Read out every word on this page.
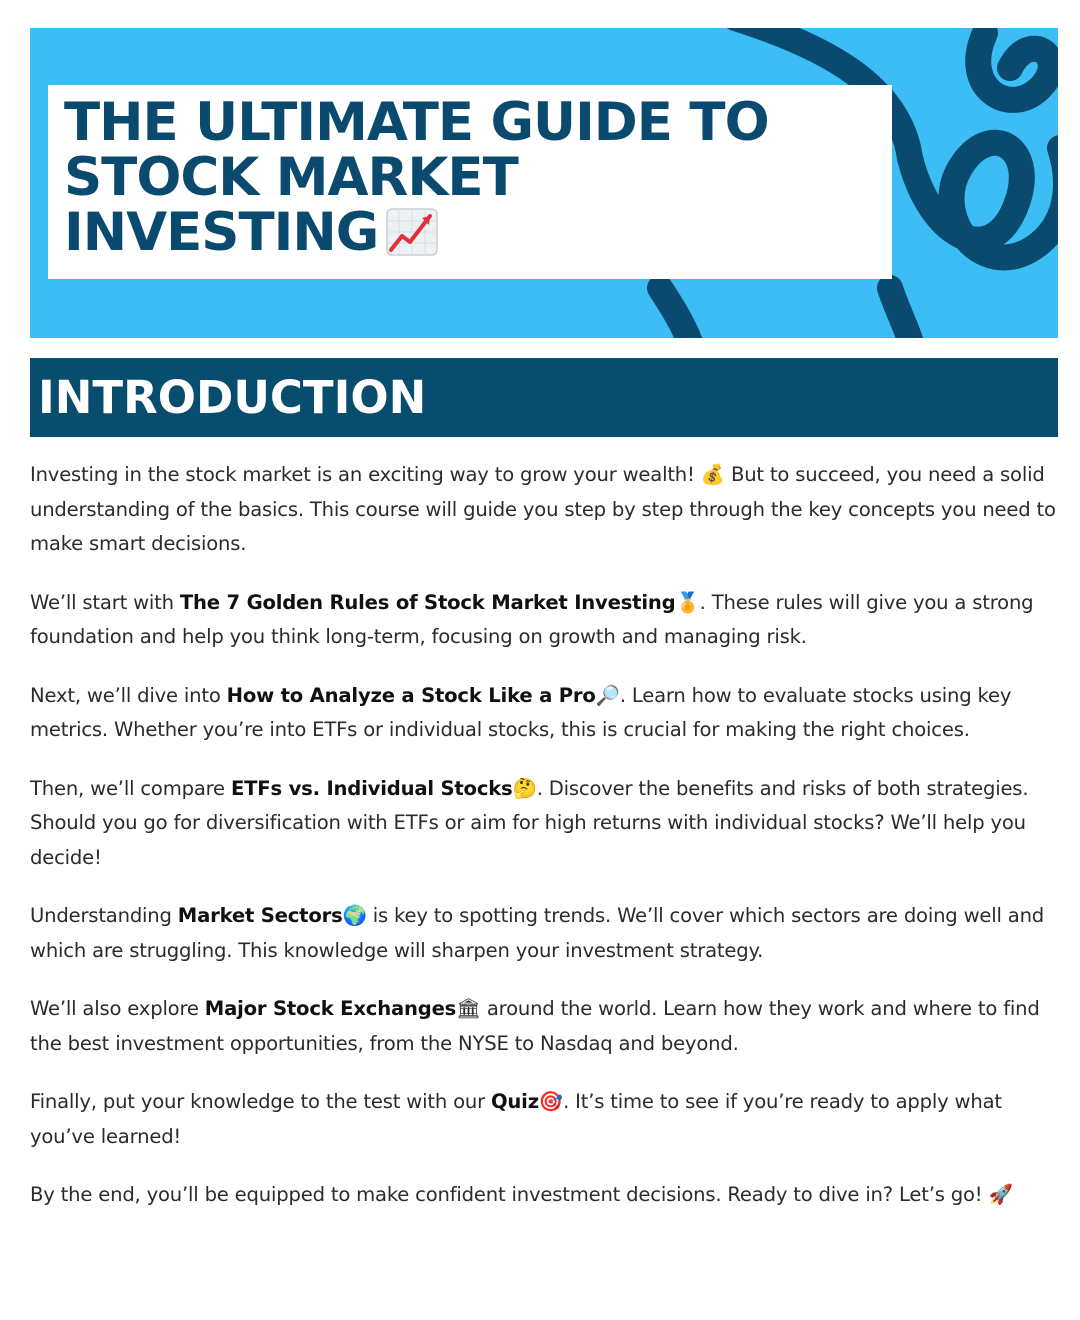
THE ULTIMATE GUIDE TO
STOCK MARKET
INVESTING
INTRODUCTION

Investing in the stock market is an exciting way to grow your wealth! 💰 But to succeed, you need a solid understanding of the basics. This course will guide you step by step through the key concepts you need to make smart decisions.

We’ll start with The 7 Golden Rules of Stock Market Investing🏅. These rules will give you a strong foundation and help you think long-term, focusing on growth and managing risk.

Next, we’ll dive into How to Analyze a Stock Like a Pro🔎. Learn how to evaluate stocks using key metrics. Whether you’re into ETFs or individual stocks, this is crucial for making the right choices.

Then, we’ll compare ETFs vs. Individual Stocks🤔. Discover the benefits and risks of both strategies. Should you go for diversification with ETFs or aim for high returns with individual stocks? We’ll help you decide!

Understanding Market Sectors🌍 is key to spotting trends. We’ll cover which sectors are doing well and which are struggling. This knowledge will sharpen your investment strategy.

We’ll also explore Major Stock Exchanges🏛 around the world. Learn how they work and where to find the best investment opportunities, from the NYSE to Nasdaq and beyond.

Finally, put your knowledge to the test with our Quiz🎯. It’s time to see if you’re ready to apply what you’ve learned!

By the end, you’ll be equipped to make confident investment decisions. Ready to dive in? Let’s go! 🚀
